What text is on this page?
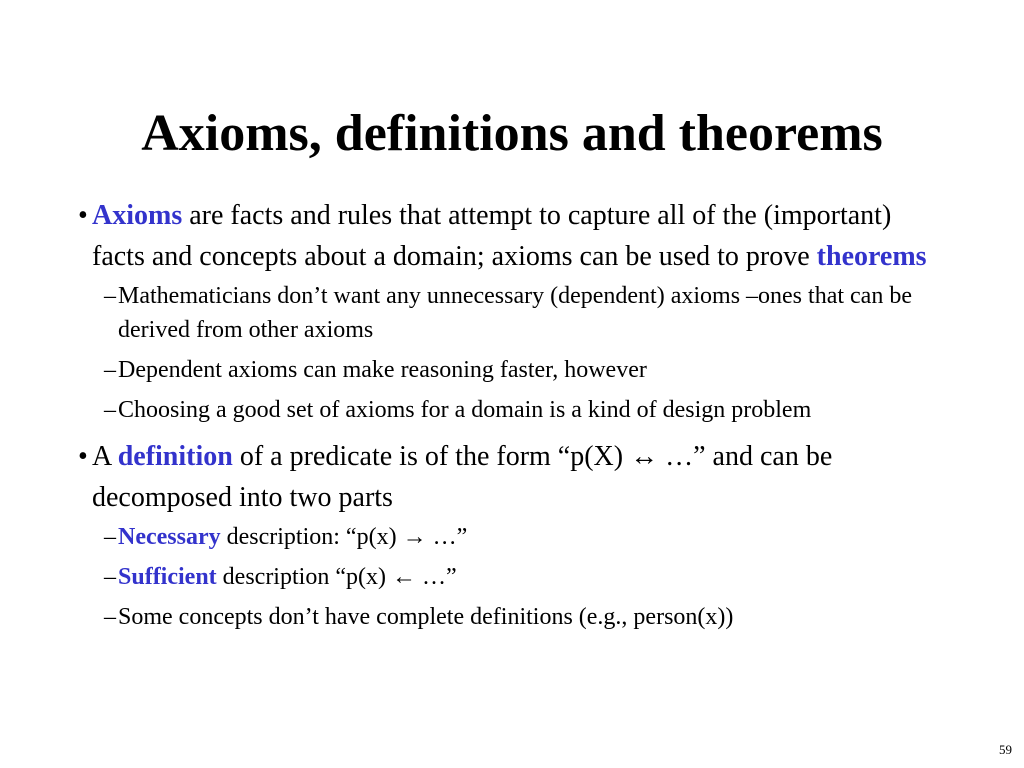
Axioms, definitions and theorems
• Axioms are facts and rules that attempt to capture all of the (important) facts and concepts about a domain; axioms can be used to prove theorems
– Mathematicians don’t want any unnecessary (dependent) axioms –ones that can be derived from other axioms
– Dependent axioms can make reasoning faster, however
– Choosing a good set of axioms for a domain is a kind of design problem
• A definition of a predicate is of the form “p(X) ↔ …” and can be decomposed into two parts
– Necessary description: “p(x) → …”
– Sufficient description “p(x) ← …”
– Some concepts don’t have complete definitions (e.g., person(x))
59
